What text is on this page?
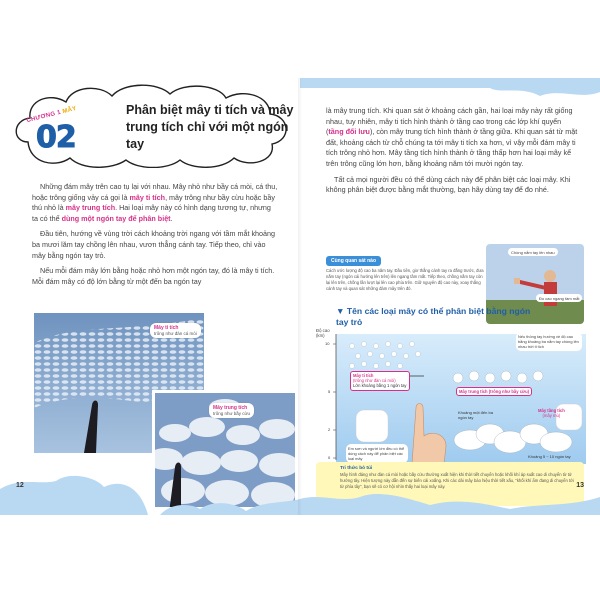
CHƯƠNG 1 MÂY
02
Phân biệt mây ti tích và mây trung tích chỉ với một ngón tay

Những đám mây trên cao tụ lại với nhau. Mây nhỏ như bầy cá mòi, cá thu, hoặc trông giống vảy cá gọi là mây ti tích, mây trông như bầy cừu hoặc bầy thú nhỏ là mây trung tích. Hai loại mây này có hình dạng tương tự, nhưng ta có thể dùng một ngón tay để phân biệt.

Đầu tiên, hướng về vùng trời cách khoảng trời ngang với tầm mắt khoảng ba mươi lăm tay chồng lên nhau, vươn thẳng cánh tay. Tiếp theo, chỉ vào mây bằng ngón tay trỏ.

Nếu mỗi đám mây lớn bằng hoặc nhỏ hơn một ngón tay, đó là mây ti tích. Mỗi đám mây có độ lớn bằng từ một đến ba ngón tay

Mây ti tích
trông như đàn cá mòi
Mây trung tích
trông như bầy cừu
12

là mây trung tích. Khi quan sát ở khoảng cách gần, hai loại mây này rất giống nhau, tuy nhiên, mây ti tích hình thành ở tầng cao trong các lớp khí quyển (tầng đối lưu), còn mây trung tích hình thành ở tầng giữa. Khi quan sát từ mặt đất, khoảng cách từ chỗ chúng ta tới mây ti tích xa hơn, vì vậy mỗi đám mây ti tích trông nhỏ hơn. Mây tầng tích hình thành ở tầng thấp hơn hai loại mây kể trên trông cũng lớn hơn, bằng khoảng năm tới mười ngón tay.

Tất cả mọi người đều có thể dùng cách này để phân biệt các loại mây. Khi không phân biệt được bằng mắt thường, bạn hãy dùng tay để đo nhé.

Cùng quan sát nào
Cách ước lượng độ cao ba năm tay. Đầu tiên, giơ thẳng cánh tay ra đằng trước, đưa nắm tay (ngón cái hướng lên trên) lên ngang tầm mắt. Tiếp theo, chồng nắm tay còn lại lên trên, chồng lần lượt lại lên cao phía trên. Giữ nguyên độ cao này, xoay thẳng cánh tay và quan sát những đám mây trên đó.
Chồng nắm tay lên nhau
Đo cao ngang tầm mắt
▼ Tên các loại mây có thể phân biệt bằng ngón tay trỏ
Độ cao
(km)
10
5
2
0
Nếu thông tay hướng về độ cao bằng khoảng ba nắm tay chồng lên nhau trời ti tích
Mây ti tích
(trông như đàn cá mòi)
Lớn khoảng bằng 1 ngón tay
Mây trung tích (trông như bầy cừu)
Khoảng một đến ba ngón tay
Mây tầng tích
(mây mù)
Khoảng 5 ~ 10 ngón tay
Em sơn và người lớn đều có thể dùng cách này để phân biệt các loại mây
Tri thức bỏ túi
Mây hình đáng như đàn cá mòi hoặc bầy cừu thường xuất hiện khi thời tiết chuyển hoặc khối khí áp suất cao di chuyển từ tử hướng tây. Hiện tượng này dẫn đến sự biến cải xoắng. Khi các dải mây báo hiệu thời tiết xấu, "khối khí ẩm đang di chuyển tới từ phía tây", bạn sẽ có cơ hội nhìn thấy hai loại mây này.	13
